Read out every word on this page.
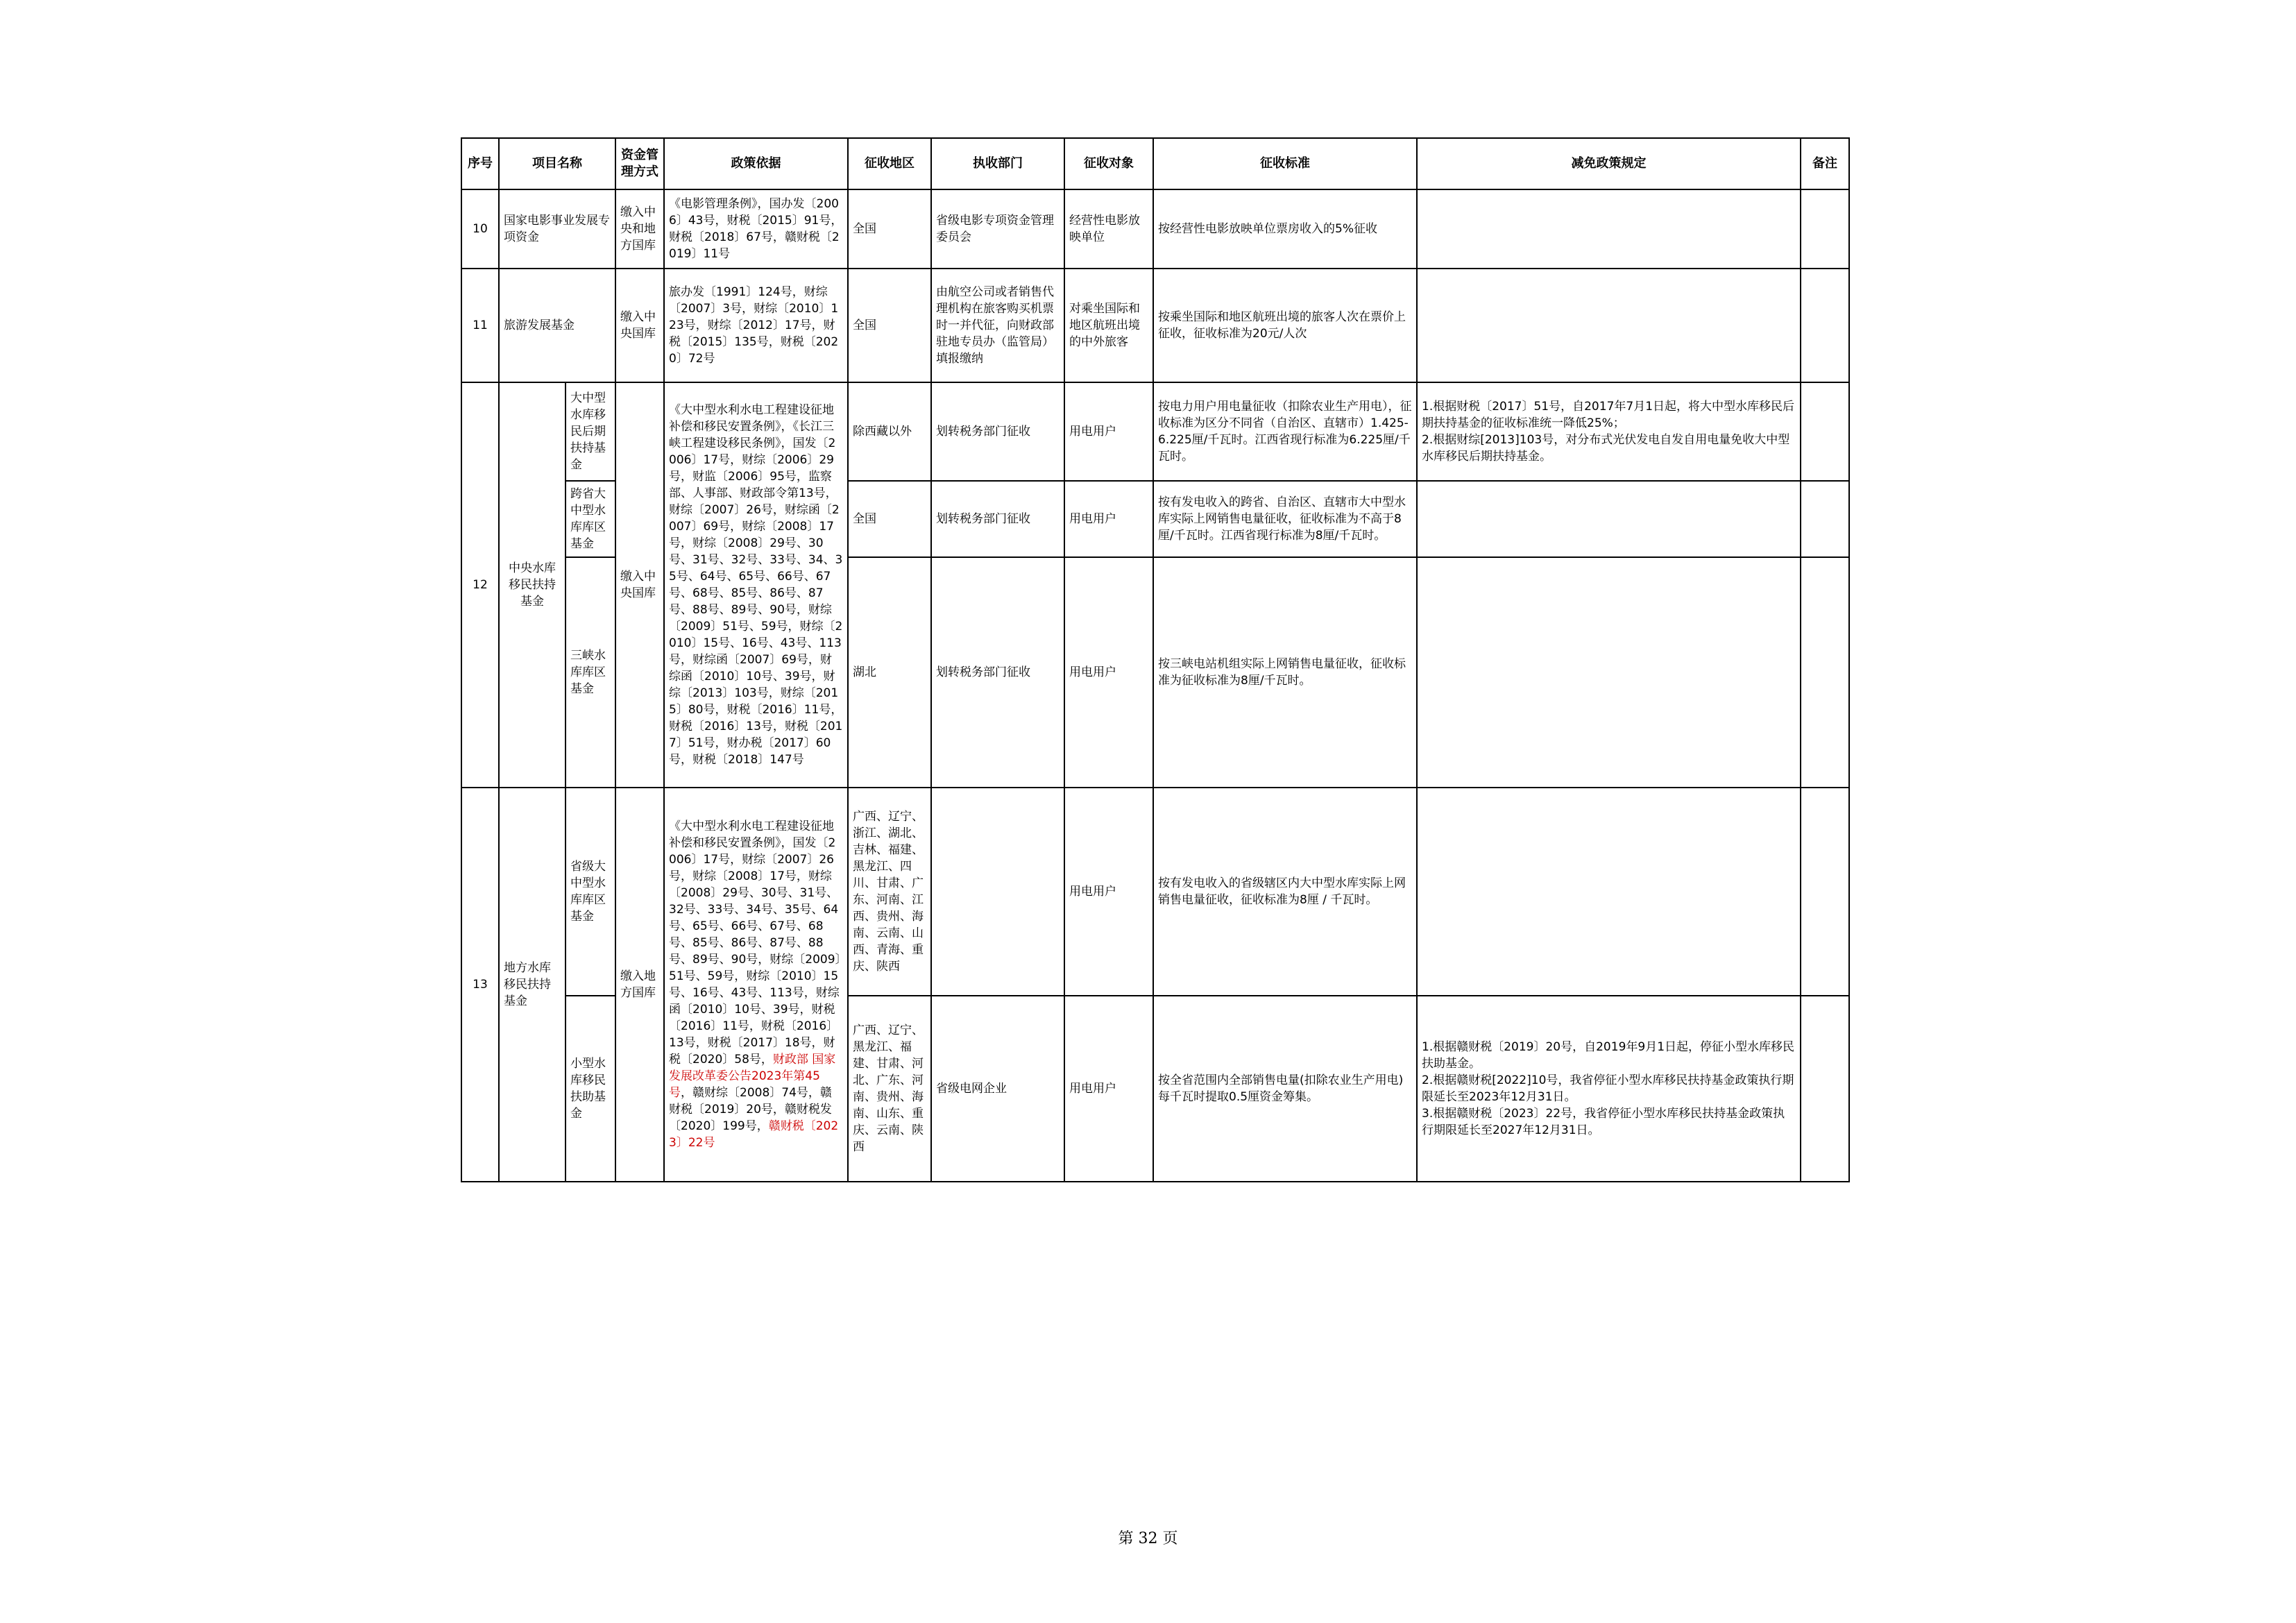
序号	项目名称		资金管理方式	政策依据	征收地区	执收部门	征收对象	征收标准	减免政策规定	备注
10	国家电影事业发展专项资金		缴入中央和地方国库	《电影管理条例》，国办发〔2006〕43号，财税〔2015〕91号，财税〔2018〕67号，赣财税〔2019〕11号	全国	省级电影专项资金管理委员会	经营性电影放映单位	按经营性电影放映单位票房收入的5%征收		
11	旅游发展基金		缴入中央国库	旅办发〔1991〕124号，财综〔2007〕3号，财综〔2010〕123号，财综〔2012〕17号，财税〔2015〕135号，财税〔2020〕72号	全国	由航空公司或者销售代理机构在旅客购买机票时一并代征，向财政部驻地专员办（监管局）填报缴纳	对乘坐国际和地区航班出境的中外旅客	按乘坐国际和地区航班出境的旅客人次在票价上征收，征收标准为20元/人次		
12	中央水库移民扶持基金	大中型水库移民后期扶持基金	缴入中央国库	《大中型水利水电工程建设征地补偿和移民安置条例》，《长江三峡工程建设移民条例》，国发〔2006〕17号，财综〔2006〕29号，财监〔2006〕95号，监察部、人事部、财政部令第13号，财综〔2007〕26号，财综函〔2007〕69号，财综〔2008〕17号，财综〔2008〕29号、30号、31号、32号、33号、34、35号、64号、65号、66号、67号、68号、85号、86号、87号、88号、89号、90号，财综〔2009〕51号、59号，财综〔2010〕15号、16号、43号、113号，财综函〔2007〕69号，财综函〔2010〕10号、39号，财综〔2013〕103号，财综〔2015〕80号，财税〔2016〕11号，财税〔2016〕13号，财税〔2017〕51号，财办税〔2017〕60号，财税〔2018〕147号	除西藏以外	划转税务部门征收	用电用户	按电力用户用电量征收（扣除农业生产用电），征收标准为区分不同省（自治区、直辖市）1.425-6.225厘/千瓦时。江西省现行标准为6.225厘/千瓦时。	1.根据财税〔2017〕51号，自2017年7月1日起，将大中型水库移民后期扶持基金的征收标准统一降低25%；
2.根据财综[2013]103号，对分布式光伏发电自发自用电量免收大中型水库移民后期扶持基金。	

		跨省大中型水库库区基金			全国	划转税务部门征收	用电用户	按有发电收入的跨省、自治区、直辖市大中型水库实际上网销售电量征收，征收标准为不高于8厘/千瓦时。江西省现行标准为8厘/千瓦时。		
		三峡水库库区基金			湖北	划转税务部门征收	用电用户	按三峡电站机组实际上网销售电量征收，征收标准为征收标准为8厘/千瓦时。		
13	地方水库移民扶持基金	省级大中型水库库区基金	缴入地方国库	《大中型水利水电工程建设征地补偿和移民安置条例》，国发〔2006〕17号，财综〔2007〕26号，财综〔2008〕17号，财综〔2008〕29号、30号、31号、32号、33号、34号、35号、64号、65号、66号、67号、68号、85号、86号、87号、88号、89号、90号，财综〔2009〕51号、59号，财综〔2010〕15号、16号、43号、113号，财综函〔2010〕10号、39号，财税〔2016〕11号，财税〔2016〕13号，财税〔2017〕18号，财税〔2020〕58号，财政部 国家发展改革委公告2023年第45号，赣财综〔2008〕74号，赣财税〔2019〕20号，赣财税发〔2020〕199号，赣财税〔2023〕22号	广西、辽宁、浙江、湖北、吉林、福建、黑龙江、四川、甘肃、广东、河南、江西、贵州、海南、云南、山西、青海、重庆、陕西		用电用户	按有发电收入的省级辖区内大中型水库实际上网销售电量征收，征收标准为8厘 / 千瓦时。		
		小型水库移民扶助基金			广西、辽宁、黑龙江、福建、甘肃、河北、广东、河南、贵州、海南、山东、重庆、云南、陕西	省级电网企业	用电用户	按全省范围内全部销售电量(扣除农业生产用电)每千瓦时提取0.5厘资金筹集。	1.根据赣财税〔2019〕20号，自2019年9月1日起，停征小型水库移民扶助基金。
2.根据赣财税[2022]10号，我省停征小型水库移民扶持基金政策执行期限延长至2023年12月31日。
3.根据赣财税〔2023〕22号，我省停征小型水库移民扶持基金政策执行期限延长至2027年12月31日。	

第 32 页
